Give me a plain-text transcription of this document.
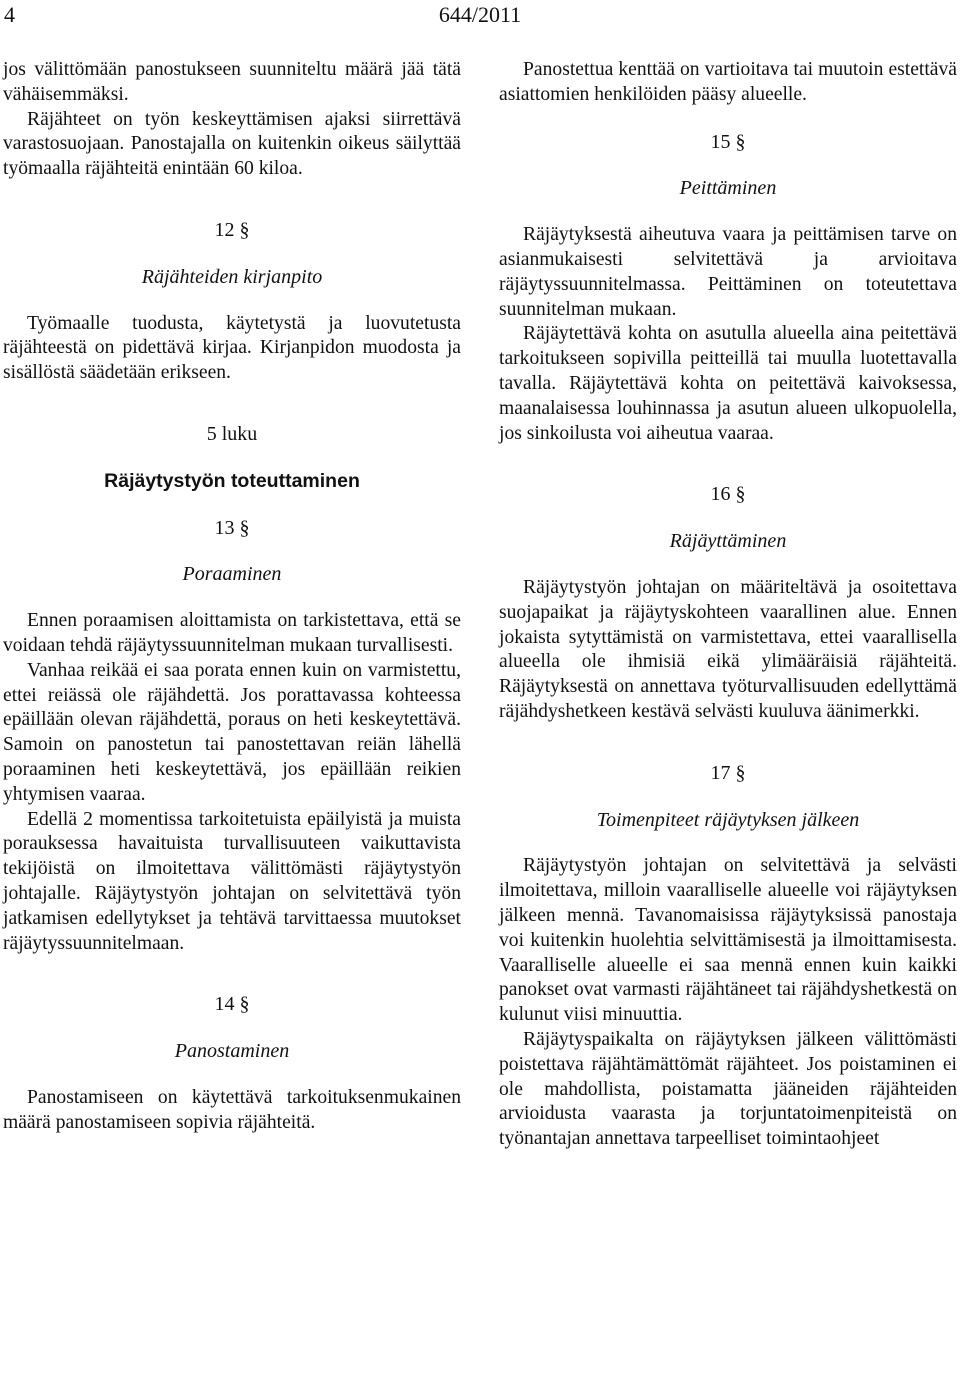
4	644/2011

jos välittömään panostukseen suunniteltu määrä jää tätä vähäisemmäksi.

Räjähteet on työn keskeyttämisen ajaksi siirrettävä varastosuojaan. Panostajalla on kuitenkin oikeus säilyttää työmaalla räjähteitä enintään 60 kiloa.

12 §

Räjähteiden kirjanpito

Työmaalle tuodusta, käytetystä ja luovutetusta räjähteestä on pidettävä kirjaa. Kirjanpidon muodosta ja sisällöstä säädetään erikseen.

5 luku

Räjäytystyön toteuttaminen

13 §

Poraaminen

Ennen poraamisen aloittamista on tarkistettava, että se voidaan tehdä räjäytyssuunnitelman mukaan turvallisesti.

Vanhaa reikää ei saa porata ennen kuin on varmistettu, ettei reiässä ole räjähdettä. Jos porattavassa kohteessa epäillään olevan räjähdettä, poraus on heti keskeytettävä. Samoin on panostetun tai panostettavan reiän lähellä poraaminen heti keskeytettävä, jos epäillään reikien yhtymisen vaaraa.

Edellä 2 momentissa tarkoitetuista epäilyistä ja muista porauksessa havaituista turvallisuuteen vaikuttavista tekijöistä on ilmoitettava välittömästi räjäytystyön johtajalle. Räjäytystyön johtajan on selvitettävä työn jatkamisen edellytykset ja tehtävä tarvittaessa muutokset räjäytyssuunnitelmaan.

14 §

Panostaminen

Panostamiseen on käytettävä tarkoituksenmukainen määrä panostamiseen sopivia räjähteitä.

Panostettua kenttää on vartioitava tai muutoin estettävä asiattomien henkilöiden pääsy alueelle.

15 §

Peittäminen

Räjäytyksestä aiheutuva vaara ja peittämisen tarve on asianmukaisesti selvitettävä ja arvioitava räjäytyssuunnitelmassa. Peittäminen on toteutettava suunnitelman mukaan.

Räjäytettävä kohta on asutulla alueella aina peitettävä tarkoitukseen sopivilla peitteillä tai muulla luotettavalla tavalla. Räjäytettävä kohta on peitettävä kaivoksessa, maanalaisessa louhinnassa ja asutun alueen ulkopuolella, jos sinkoilusta voi aiheutua vaaraa.

16 §

Räjäyttäminen

Räjäytystyön johtajan on määriteltävä ja osoitettava suojapaikat ja räjäytyskohteen vaarallinen alue. Ennen jokaista sytyttämistä on varmistettava, ettei vaarallisella alueella ole ihmisiä eikä ylimääräisiä räjähteitä. Räjäytyksestä on annettava työturvallisuuden edellyttämä räjähdyshetkeen kestävä selvästi kuuluva äänimerkki.

17 §

Toimenpiteet räjäytyksen jälkeen

Räjäytystyön johtajan on selvitettävä ja selvästi ilmoitettava, milloin vaaralliselle alueelle voi räjäytyksen jälkeen mennä. Tavanomaisissa räjäytyksissä panostaja voi kuitenkin huolehtia selvittämisestä ja ilmoittamisesta. Vaaralliselle alueelle ei saa mennä ennen kuin kaikki panokset ovat varmasti räjähtäneet tai räjähdyshetkestä on kulunut viisi minuuttia.

Räjäytyspaikalta on räjäytyksen jälkeen välittömästi poistettava räjähtämättömät räjähteet. Jos poistaminen ei ole mahdollista, poistamatta jääneiden räjähteiden arvioidusta vaarasta ja torjuntatoimenpiteistä on työnantajan annettava tarpeelliset toimintaohjeet
